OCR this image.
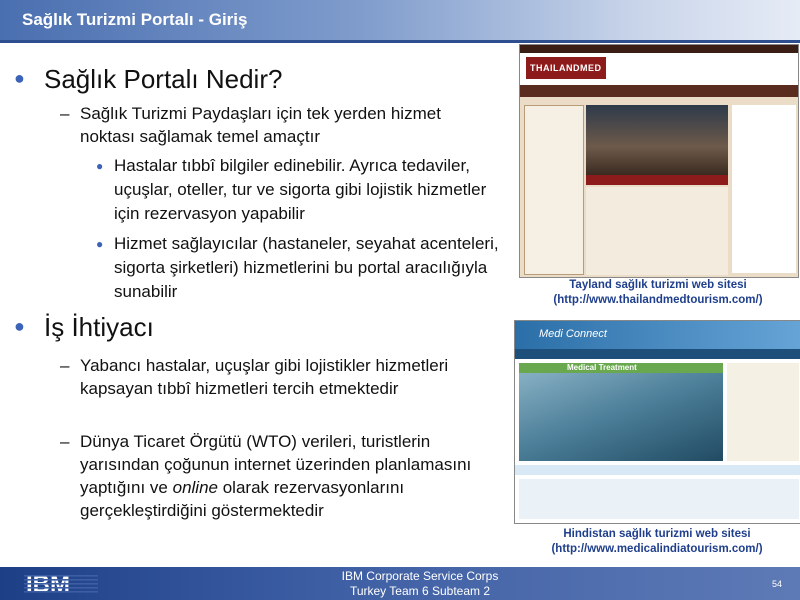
Sağlık Turizmi Portalı - Giriş
● Sağlık Portalı Nedir?
– Sağlık Turizmi Paydaşları için tek yerden hizmet noktası sağlamak temel amaçtır
● Hastalar tıbbî bilgiler edinebilir. Ayrıca tedaviler, uçuşlar, oteller, tur ve sigorta gibi lojistik hizmetler için rezervasyon yapabilir
● Hizmet sağlayıcılar (hastaneler, seyahat acenteleri, sigorta şirketleri) hizmetlerini bu portal aracılığıyla sunabilir
● İş İhtiyacı
– Yabancı hastalar, uçuşlar gibi lojistikler hizmetleri kapsayan tıbbî hizmetleri tercih etmektedir
– Dünya Ticaret Örgütü (WTO) verileri, turistlerin yarısından çoğunun internet üzerinden planlamasını yaptığını ve online olarak rezervasyonlarını gerçekleştirdiğini göstermektedir
THAILANDMED
Tayland sağlık turizmi web sitesi
(http://www.thailandmedtourism.com/)
Medi Connect
Medical Treatment
Hindistan sağlık turizmi web sitesi
(http://www.medicalindiatourism.com/)
IBM Corporate Service Corps
Turkey Team 6 Subteam 2	54
